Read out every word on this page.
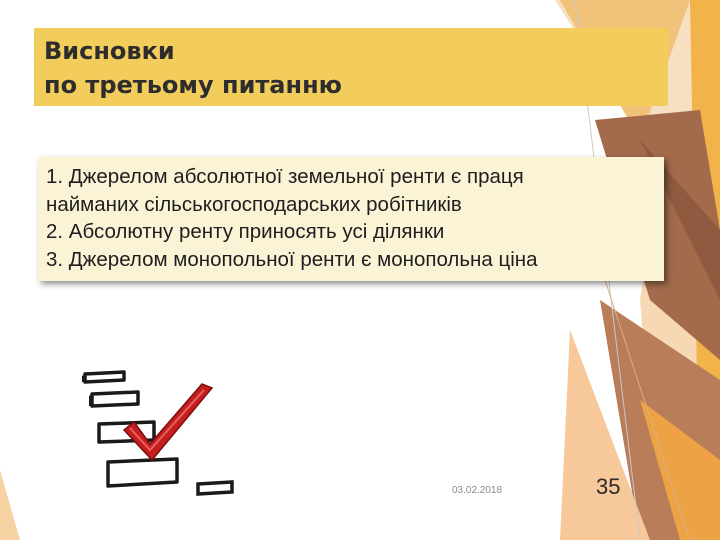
Висновки
по третьому питанню
1. Джерелом абсолютної земельної ренти є праця
найманих сільськогосподарських робітників
2. Абсолютну ренту приносять усі ділянки
3. Джерелом монопольної ренти є монопольна ціна
03.02.2018	35
